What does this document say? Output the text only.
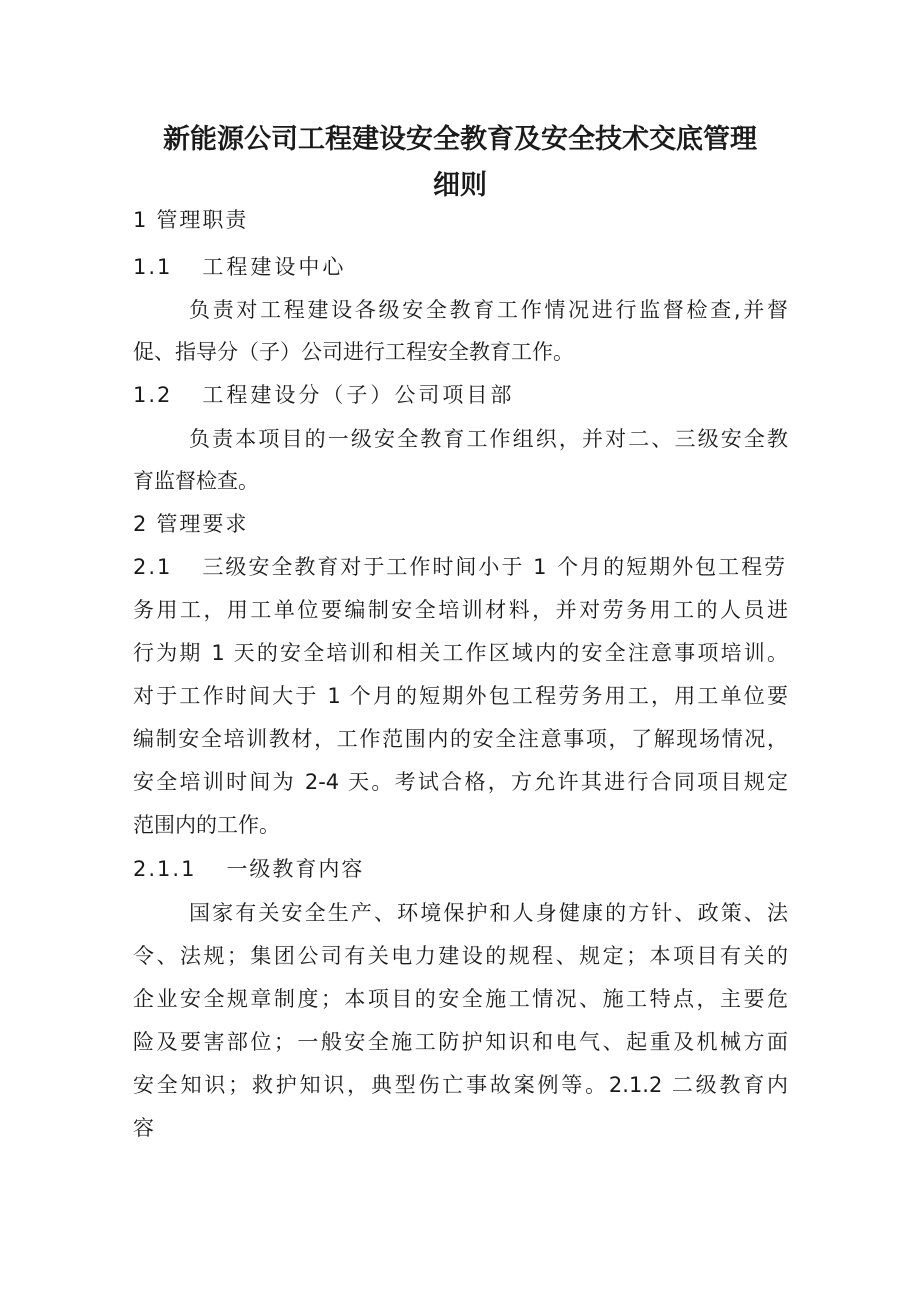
新能源公司工程建设安全教育及安全技术交底管理
细则
1 管理职责
1.1 工程建设中心
负责对工程建设各级安全教育工作情况进行监督检查,并督
促、指导分（子）公司进行工程安全教育工作。
1.2 工程建设分（子）公司项目部
负责本项目的一级安全教育工作组织，并对二、三级安全教
育监督检查。
2 管理要求
2.1 三级安全教育对于工作时间小于 1 个月的短期外包工程劳
务用工，用工单位要编制安全培训材料，并对劳务用工的人员进
行为期 1 天的安全培训和相关工作区域内的安全注意事项培训。
对于工作时间大于 1 个月的短期外包工程劳务用工，用工单位要
编制安全培训教材，工作范围内的安全注意事项，了解现场情况，
安全培训时间为 2-4 天。考试合格，方允许其进行合同项目规定
范围内的工作。
2.1.1 一级教育内容
国家有关安全生产、环境保护和人身健康的方针、政策、法
令、法规；集团公司有关电力建设的规程、规定；本项目有关的
企业安全规章制度；本项目的安全施工情况、施工特点，主要危
险及要害部位；一般安全施工防护知识和电气、起重及机械方面
安全知识；救护知识，典型伤亡事故案例等。2.1.2 二级教育内
容
